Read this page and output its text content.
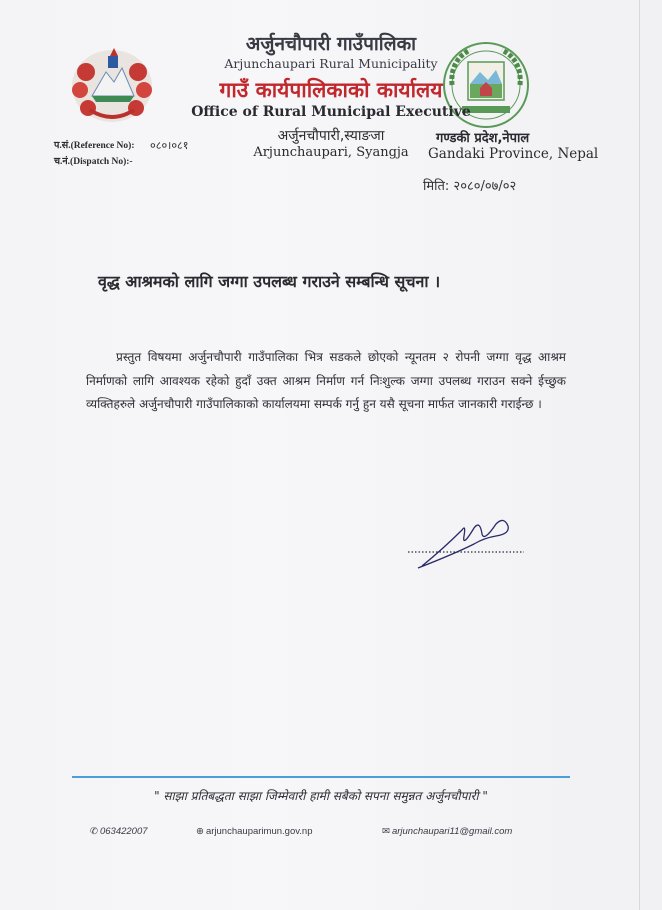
अर्जुनचौपारी गाउँपालिका
Arjunchaupari Rural Municipality
गाउँ कार्यपालिकाको कार्यालय
Office of Rural Municipal Executive
अर्जुनचौपारी,स्याङजा
Arjunchaupari, Syangja
प.सं.(Reference No): ०८०।०८१
च.नं.(Dispatch No):-
गण्डकी प्रदेश,नेपाल
Gandaki Province, Nepal
मिति: २०८०/०७/०२
वृद्ध आश्रमको लागि जग्गा उपलब्ध गराउने सम्बन्धि सूचना ।
प्रस्तुत विषयमा अर्जुनचौपारी गाउँपालिका भित्र सडकले छोएको न्यूनतम २ रोपनी जग्गा वृद्ध आश्रम निर्माणको लागि आवश्यक रहेको हुदाँ उक्त आश्रम निर्माण गर्न निःशुल्क जग्गा उपलब्ध गराउन सक्ने ईच्छुक व्यक्तिहरुले अर्जुनचौपारी गाउँपालिकाको कार्यालयमा सम्पर्क गर्नु हुन यसै सूचना मार्फत जानकारी गराईन्छ ।
" साझा प्रतिबद्धता साझा जिम्मेवारी हामी सबैको सपना समुन्नत अर्जुनचौपारी "
✆ 063422007	⊕ arjunchauparimun.gov.np	✉ arjunchaupari11@gmail.com
